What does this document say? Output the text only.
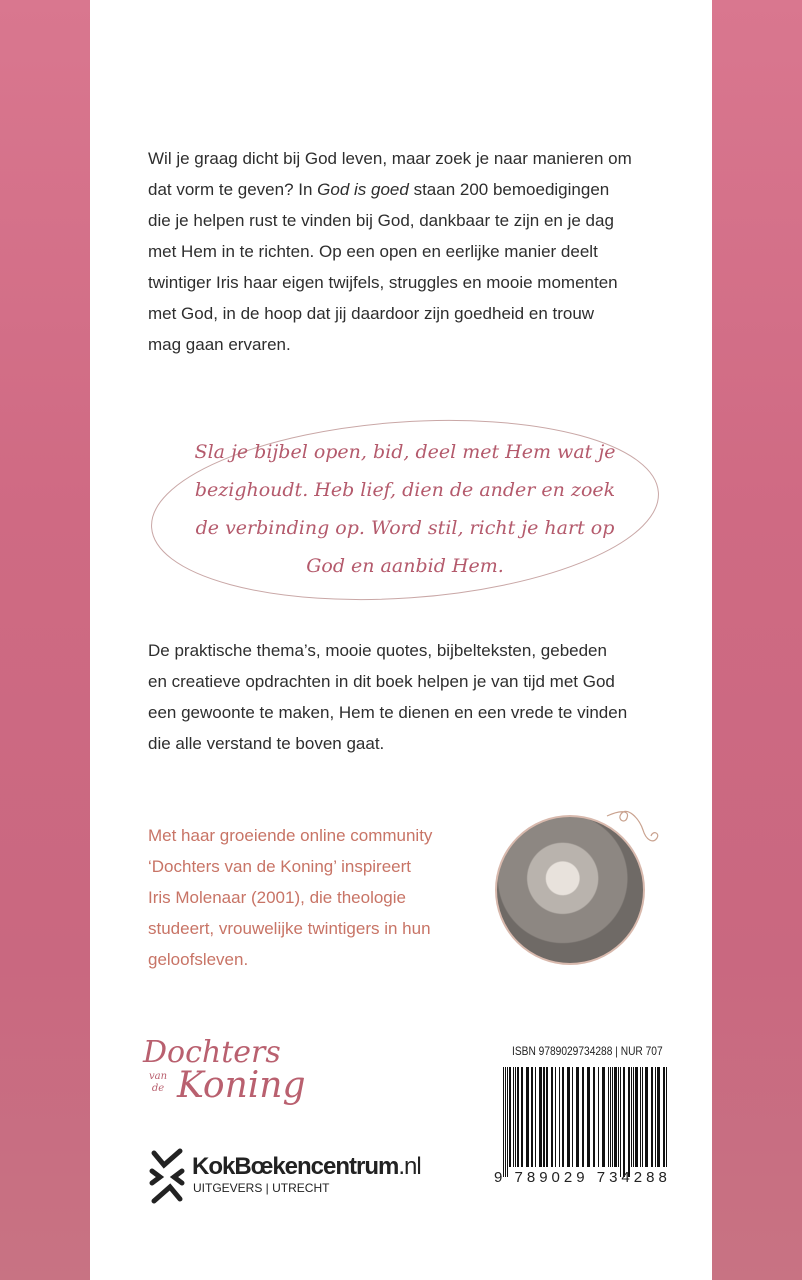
Wil je graag dicht bij God leven, maar zoek je naar manieren om
dat vorm te geven? In God is goed staan 200 bemoedigingen
die je helpen rust te vinden bij God, dankbaar te zijn en je dag
met Hem in te richten. Op een open en eerlijke manier deelt
twintiger Iris haar eigen twijfels, struggles en mooie momenten
met God, in de hoop dat jij daardoor zijn goedheid en trouw
mag gaan ervaren.
Sla je bijbel open, bid, deel met Hem wat je
bezighoudt. Heb lief, dien de ander en zoek
de verbinding op. Word stil, richt je hart op
God en aanbid Hem.
De praktische thema’s, mooie quotes, bijbelteksten, gebeden
en creatieve opdrachten in dit boek helpen je van tijd met God
een gewoonte te maken, Hem te dienen en een vrede te vinden
die alle verstand te boven gaat.
Met haar groeiende online community
‘Dochters van de Koning’ inspireert
Iris Molenaar (2001), die theologie
studeert, vrouwelijke twintigers in hun
geloofsleven.
Dochters
van
de Koning
KokBœkencentrum.nl
UITGEVERS | UTRECHT
ISBN 9789029734288 | NUR 707
9 789029 734288
